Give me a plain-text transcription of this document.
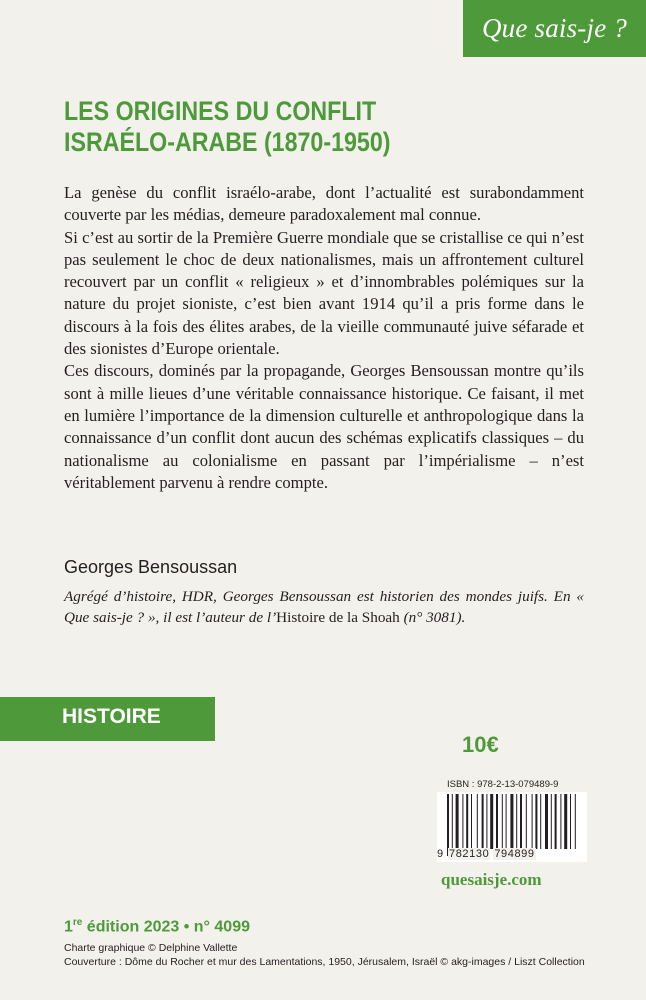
Que sais-je ?
LES ORIGINES DU CONFLIT
ISRAÉLO-ARABE (1870-1950)

La genèse du conflit israélo-arabe, dont l’actualité est surabondamment couverte par les médias, demeure paradoxalement mal connue.

Si c’est au sortir de la Première Guerre mondiale que se cristallise ce qui n’est pas seulement le choc de deux nationalismes, mais un affrontement culturel recouvert par un conflit « religieux » et d’innombrables polémiques sur la nature du projet sioniste, c’est bien avant 1914 qu’il a pris forme dans le discours à la fois des élites arabes, de la vieille communauté juive séfarade et des sionistes d’Europe orientale.

Ces discours, dominés par la propagande, Georges Bensoussan montre qu’ils sont à mille lieues d’une véritable connaissance historique. Ce faisant, il met en lumière l’importance de la dimension culturelle et anthropologique dans la connaissance d’un conflit dont aucun des schémas explicatifs classiques – du nationalisme au colonialisme en passant par l’impérialisme – n’est véritablement parvenu à rendre compte.

Georges Bensoussan
Agrégé d’histoire, HDR, Georges Bensoussan est historien des mondes juifs. En « Que sais-je ? », il est l’auteur de l’Histoire de la Shoah (n° 3081).
HISTOIRE
10€
ISBN : 978-2-13-079489-9
9 782130 794899
quesaisje.com
1re édition 2023 • n° 4099
Charte graphique © Delphine Vallette
Couverture : Dôme du Rocher et mur des Lamentations, 1950, Jérusalem, Israël © akg-images / Liszt Collection
